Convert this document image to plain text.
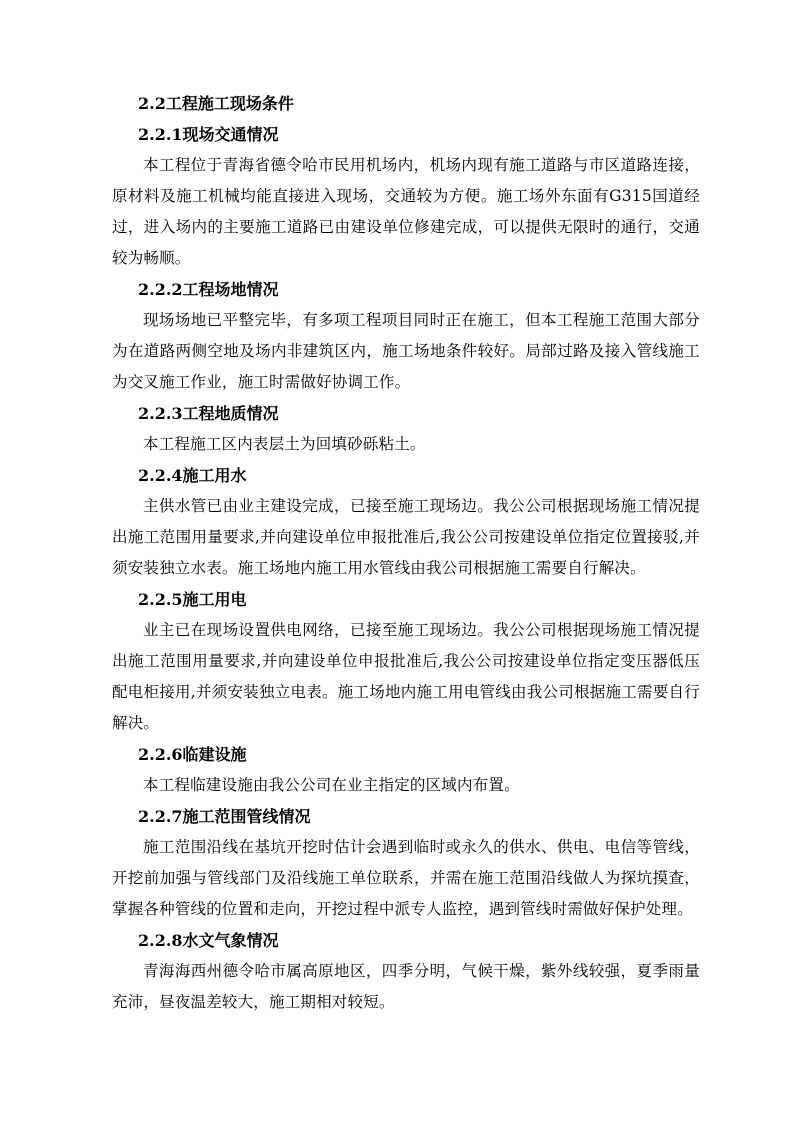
2.2工程施工现场条件
2.2.1现场交通情况
本工程位于青海省德令哈市民用机场内，机场内现有施工道路与市区道路连接，原材料及施工机械均能直接进入现场，交通较为方便。施工场外东面有G315国道经过，进入场内的主要施工道路已由建设单位修建完成，可以提供无限时的通行，交通较为畅顺。
2.2.2工程场地情况
现场场地已平整完毕，有多项工程项目同时正在施工，但本工程施工范围大部分为在道路两侧空地及场内非建筑区内，施工场地条件较好。局部过路及接入管线施工为交叉施工作业，施工时需做好协调工作。
2.2.3工程地质情况
本工程施工区内表层土为回填砂砾粘土。
2.2.4施工用水
主供水管已由业主建设完成，已接至施工现场边。我公公司根据现场施工情况提出施工范围用量要求,并向建设单位申报批准后,我公公司按建设单位指定位置接驳,并须安装独立水表。施工场地内施工用水管线由我公司根据施工需要自行解决。
2.2.5施工用电
业主已在现场设置供电网络，已接至施工现场边。我公公司根据现场施工情况提出施工范围用量要求,并向建设单位申报批准后,我公公司按建设单位指定变压器低压配电柜接用,并须安装独立电表。施工场地内施工用电管线由我公司根据施工需要自行解决。
2.2.6临建设施
本工程临建设施由我公公司在业主指定的区域内布置。
2.2.7施工范围管线情况
施工范围沿线在基坑开挖时估计会遇到临时或永久的供水、供电、电信等管线，开挖前加强与管线部门及沿线施工单位联系，并需在施工范围沿线做人为探坑摸查，掌握各种管线的位置和走向，开挖过程中派专人监控，遇到管线时需做好保护处理。
2.2.8水文气象情况
青海海西州德令哈市属高原地区，四季分明，气候干燥，紫外线较强，夏季雨量充沛，昼夜温差较大，施工期相对较短。
